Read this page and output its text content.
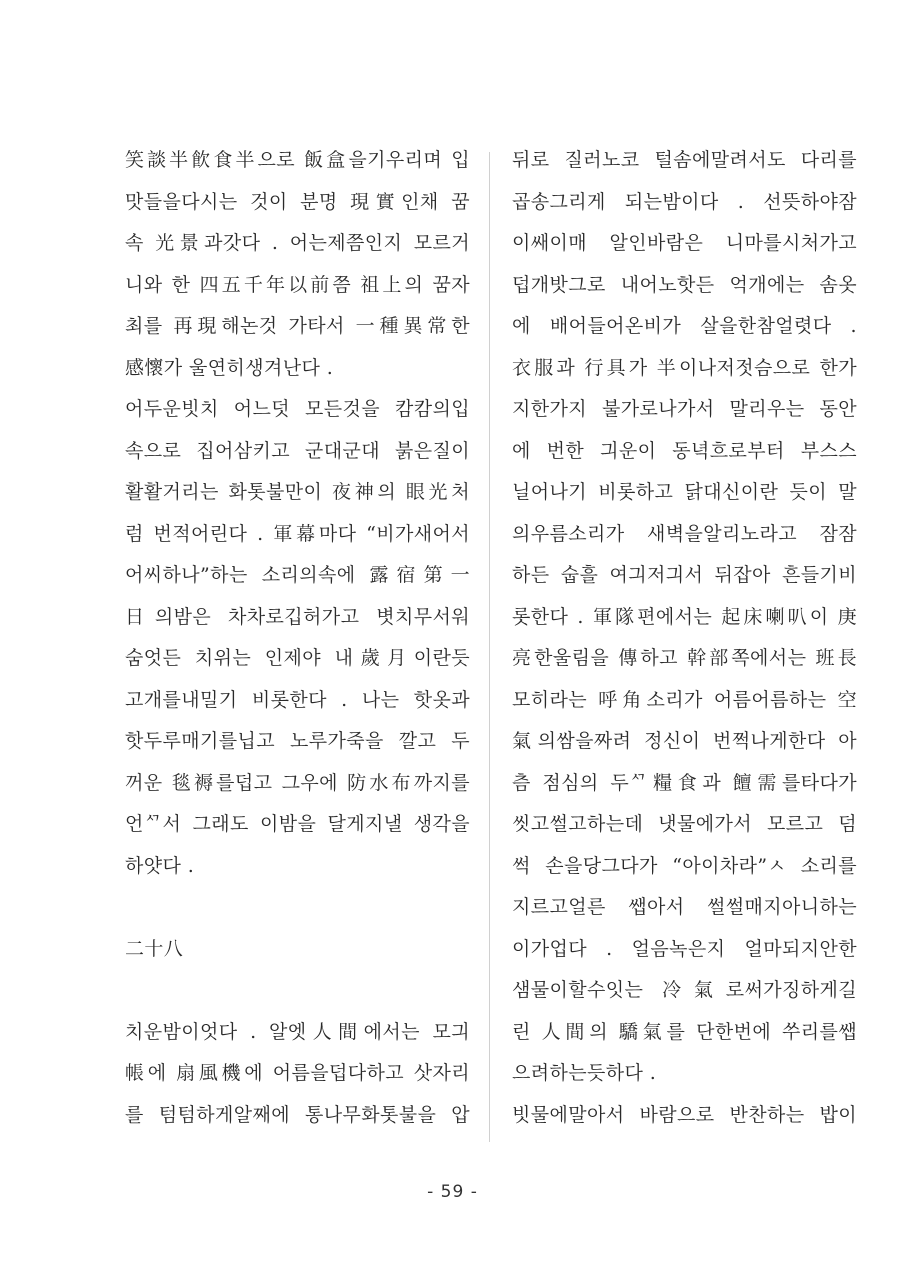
笑談半飮食半으로 飯盒을기우리며 입
맛들을다시는 것이 분명 現實인채 꿈
속 光景과갓다 . 어는제쯤인지 모르거
니와 한 四五千年以前쯤 祖上의 꿈자
최를 再現해논것 가타서 一種異常한
感懷가 울연히생겨난다 .
어두운빗치 어느덧 모든것을 캄캄의입
속으로 집어삼키고 군대군대 붉은질이
활활거리는 화톳불만이 夜神의 眼光처
럼 번적어린다 . 軍幕마다 “비가새어서
어씨하나”하는 소리의속에 露宿第一
日의밤은 차차로깁허가고 볏치무서워
숨엇든 치위는 인제야 내歲月이란듯
고개를내밀기 비롯한다 . 나는 핫옷과
핫두루매기를닙고 노루가죽을 깔고 두
꺼운 毯褥를덥고 그우에 防水布까지를
언ᄭ서 그래도 이밤을 달게지낼 생각을
하얏다 .
二十八
치운밤이엇다 . 알엣人間에서는 모긔
帳에 扇風機에 어름을덥다하고 삿자리
를 텀텀하게알째에 통나무화톳불을 압
뒤로 질러노코 털솜에말려서도 다리를
곱송그리게 되는밤이다 . 선뜻하야잠
이쌔이매 알인바람은 니마를시처가고
덥개밧그로 내어노핫든 억개에는 솜옷
에 배어들어온비가 살을한참얼렷다 .
衣服과 行具가 半이나저젓슴으로 한가
지한가지 불가로나가서 말리우는 동안
에 번한 긔운이 동녁흐로부터 부스스
닐어나기 비롯하고 닭대신이란 듯이 말
의우름소리가 새벽을알리노라고 잠잠
하든 숩흘 여긔저긔서 뒤잡아 흔들기비
롯한다 . 軍隊편에서는 起床喇叭이 庚
亮한울림을 傳하고 幹部쪽에서는 班長
모히라는 呼角소리가 어름어름하는 空
氣의쌈을짜려 정신이 번쩍나게한다 아
츰 점심의 두ᄭ糧食과 饘需를타다가
씻고썰고하는데 냇물에가서 모르고 덤
썩 손을당그다가 “아이차라”ㅅ 소리를
지르고얼른 쌥아서 썰썰매지아니하는
이가업다 . 얼음녹은지 얼마되지안한
샘물이할수잇는 冷氣로써가징하게길
린 人間의 驕氣를 단한번에 쑤리를쌥
으려하는듯하다 .
빗물에말아서 바람으로 반찬하는 밥이
- 59 -
